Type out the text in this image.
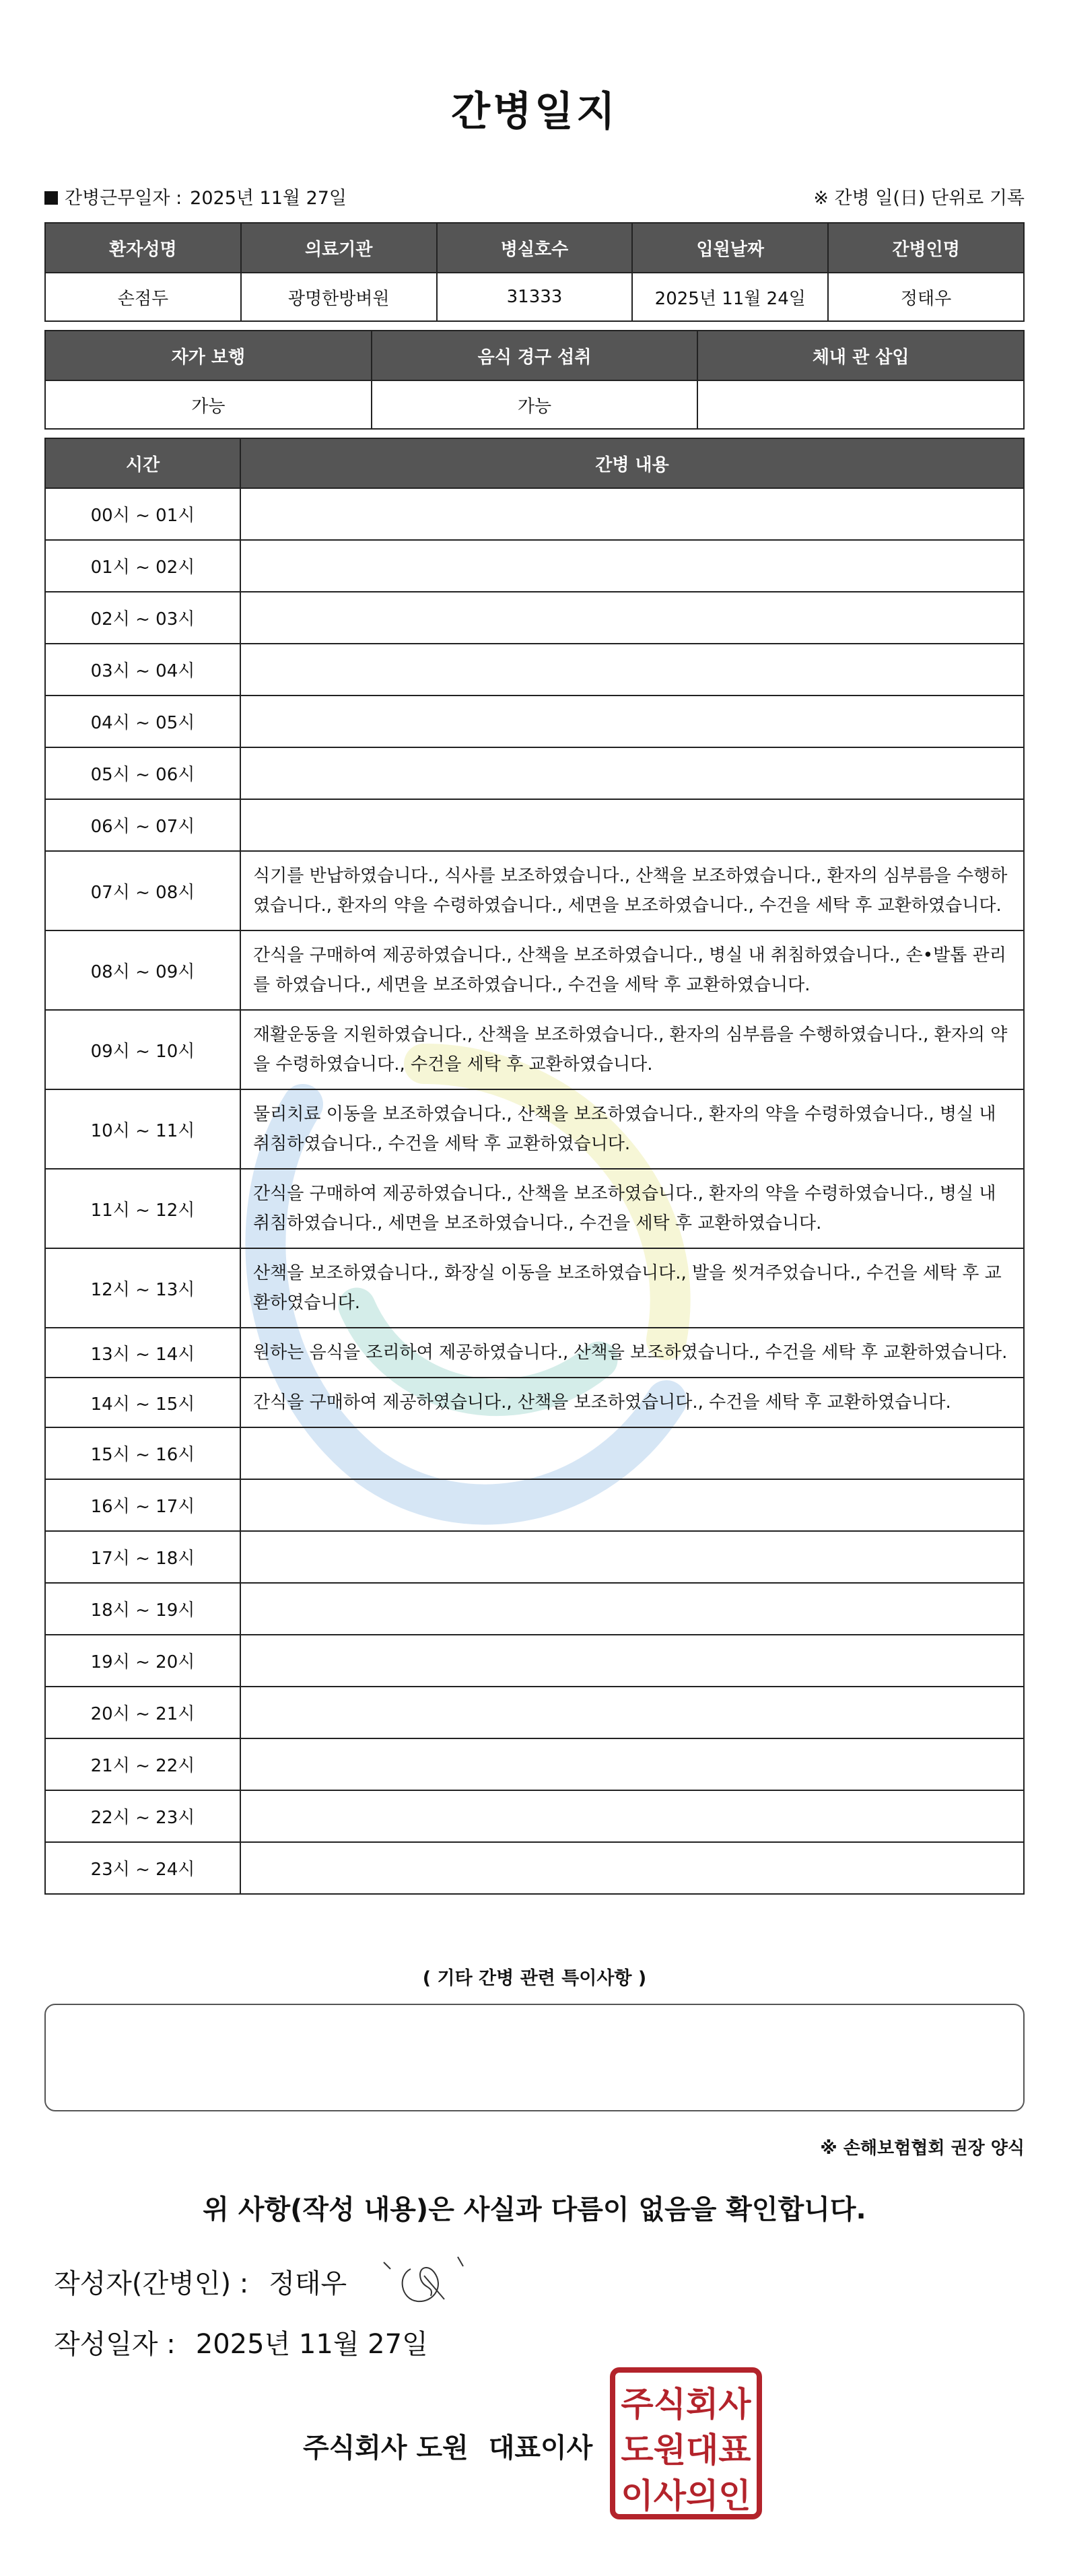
간병일지
간병근무일자 : 2025년 11월 27일	※ 간병 일(日) 단위로 기록
환자성명	의료기관	병실호수	입원날짜	간병인명
손점두	광명한방벼원	31333	2025년 11월 24일	정태우
자가 보행	음식 경구 섭취	체내 관 삽입
가능	가능	
시간	간병 내용
00시 ~ 01시	
01시 ~ 02시	
02시 ~ 03시	
03시 ~ 04시	
04시 ~ 05시	
05시 ~ 06시	
06시 ~ 07시	
07시 ~ 08시	식기를 반납하였습니다., 식사를 보조하였습니다., 산책을 보조하였습니다., 환자의 심부름을 수행하였습니다., 환자의 약을 수령하였습니다., 세면을 보조하였습니다., 수건을 세탁 후 교환하였습니다.
08시 ~ 09시	간식을 구매하여 제공하였습니다., 산책을 보조하였습니다., 병실 내 취침하였습니다., 손•발톱 관리를 하였습니다., 세면을 보조하였습니다., 수건을 세탁 후 교환하였습니다.
09시 ~ 10시	재활운동을 지원하였습니다., 산책을 보조하였습니다., 환자의 심부름을 수행하였습니다., 환자의 약을 수령하였습니다., 수건을 세탁 후 교환하였습니다.
10시 ~ 11시	물리치료 이동을 보조하였습니다., 산책을 보조하였습니다., 환자의 약을 수령하였습니다., 병실 내 취침하였습니다., 수건을 세탁 후 교환하였습니다.
11시 ~ 12시	간식을 구매하여 제공하였습니다., 산책을 보조하였습니다., 환자의 약을 수령하였습니다., 병실 내 취침하였습니다., 세면을 보조하였습니다., 수건을 세탁 후 교환하였습니다.
12시 ~ 13시	산책을 보조하였습니다., 화장실 이동을 보조하였습니다., 발을 씻겨주었습니다., 수건을 세탁 후 교환하였습니다.
13시 ~ 14시	원하는 음식을 조리하여 제공하였습니다., 산책을 보조하였습니다., 수건을 세탁 후 교환하였습니다.
14시 ~ 15시	간식을 구매하여 제공하였습니다., 산책을 보조하였습니다., 수건을 세탁 후 교환하였습니다.
15시 ~ 16시	
16시 ~ 17시	
17시 ~ 18시	
18시 ~ 19시	
19시 ~ 20시	
20시 ~ 21시	
21시 ~ 22시	
22시 ~ 23시	
23시 ~ 24시	
( 기타 간병 관련 특이사항 )
※ 손해보험협회 권장 양식
위 사항(작성 내용)은 사실과 다름이 없음을 확인합니다.
작성자(간병인) : 정태우
작성일자 : 2025년 11월 27일
주식회사 도원 대표이사
주식회사
도원대표
이사의인
